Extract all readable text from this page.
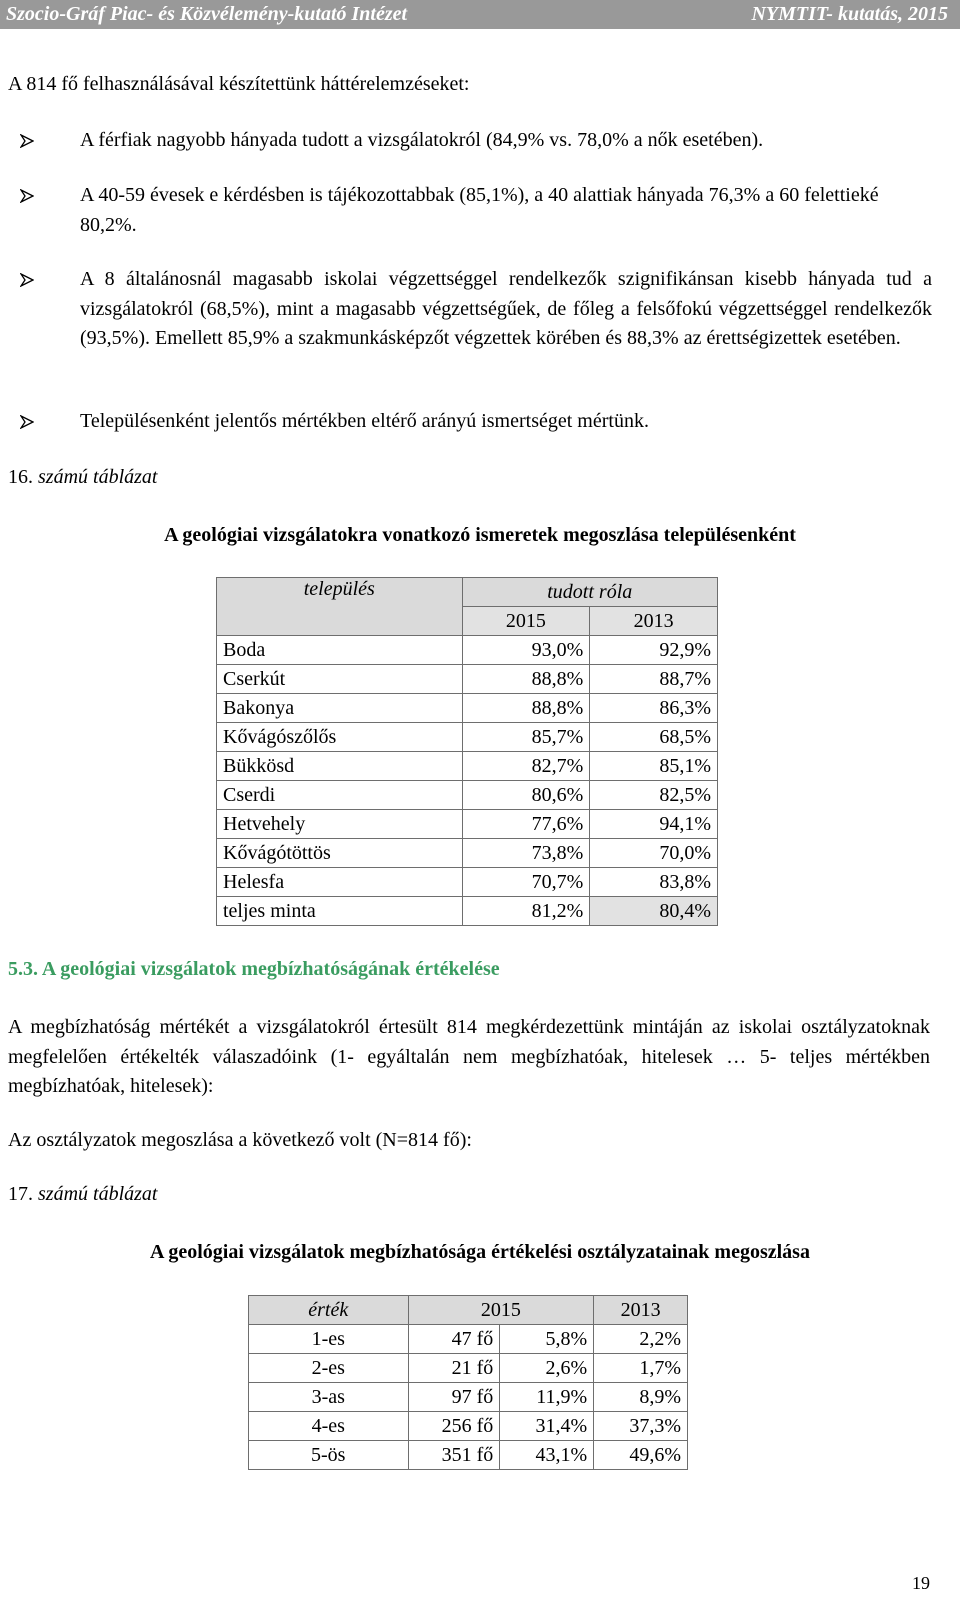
Szocio-Gráf Piac- és Közvélemény-kutató Intézet	NYMTIT- kutatás, 2015
A 814 fő felhasználásával készítettünk háttérelemzéseket:
A férfiak nagyobb hányada tudott a vizsgálatokról (84,9% vs. 78,0% a nők esetében).
A 40-59 évesek e kérdésben is tájékozottabbak (85,1%), a 40 alattiak hányada 76,3% a 60 felettieké 80,2%.
A 8 általánosnál magasabb iskolai végzettséggel rendelkezők szignifikánsan kisebb hányada tud a vizsgálatokról (68,5%), mint a magasabb végzettségűek, de főleg a felsőfokú végzettséggel rendelkezők (93,5%). Emellett 85,9% a szakmunkásképzőt végzettek körében és 88,3% az érettségizettek esetében.
Településenként jelentős mértékben eltérő arányú ismertséget mértünk.
16. számú táblázat
A geológiai vizsgálatokra vonatkozó ismeretek megoszlása településenként
település	tudott róla	
	2015	2013
Boda	93,0%	92,9%
Cserkút	88,8%	88,7%
Bakonya	88,8%	86,3%
Kővágószőlős	85,7%	68,5%
Bükkösd	82,7%	85,1%
Cserdi	80,6%	82,5%
Hetvehely	77,6%	94,1%
Kővágótöttös	73,8%	70,0%
Helesfa	70,7%	83,8%
teljes minta	81,2%	80,4%
5.3. A geológiai vizsgálatok megbízhatóságának értékelése
A megbízhatóság mértékét a vizsgálatokról értesült 814 megkérdezettünk mintáján az iskolai osztályzatoknak megfelelően értékelték válaszadóink (1- egyáltalán nem megbízhatóak, hitelesek … 5- teljes mértékben megbízhatóak, hitelesek):
Az osztályzatok megoszlása a következő volt (N=814 fő):
17. számú táblázat
A geológiai vizsgálatok megbízhatósága értékelési osztályzatainak megoszlása
érték	2015		2013
1-es	47 fő	5,8%	2,2%
2-es	21 fő	2,6%	1,7%
3-as	97 fő	11,9%	8,9%
4-es	256 fő	31,4%	37,3%
5-ös	351 fő	43,1%	49,6%
19
